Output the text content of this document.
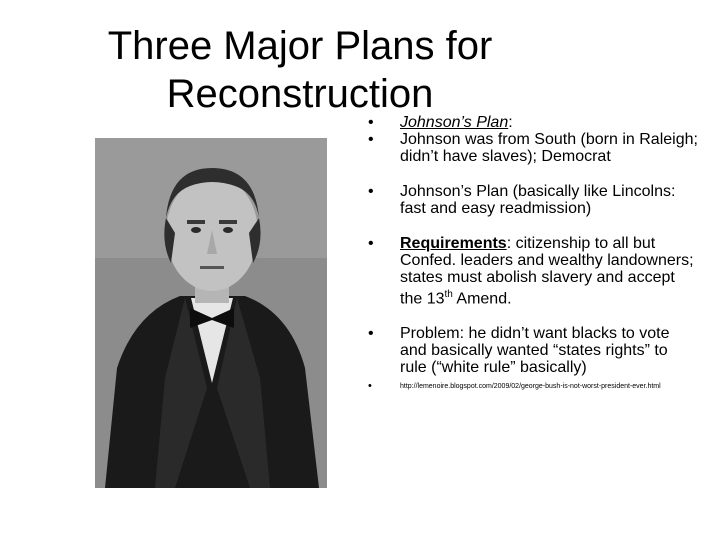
Three Major Plans for
Reconstruction
• Johnson’s Plan:
• Johnson was from South (born in Raleigh; didn’t have slaves); Democrat
• Johnson’s Plan (basically like Lincolns: fast and easy readmission)
• Requirements: citizenship to all but Confed. leaders and wealthy landowners; states must abolish slavery and accept the 13th Amend.
• Problem: he didn’t want blacks to vote and basically wanted “states rights” to rule (“white rule” basically)
•	http://lemenoire.blogspot.com/2009/02/george-bush-is-not-worst-president-ever.html
